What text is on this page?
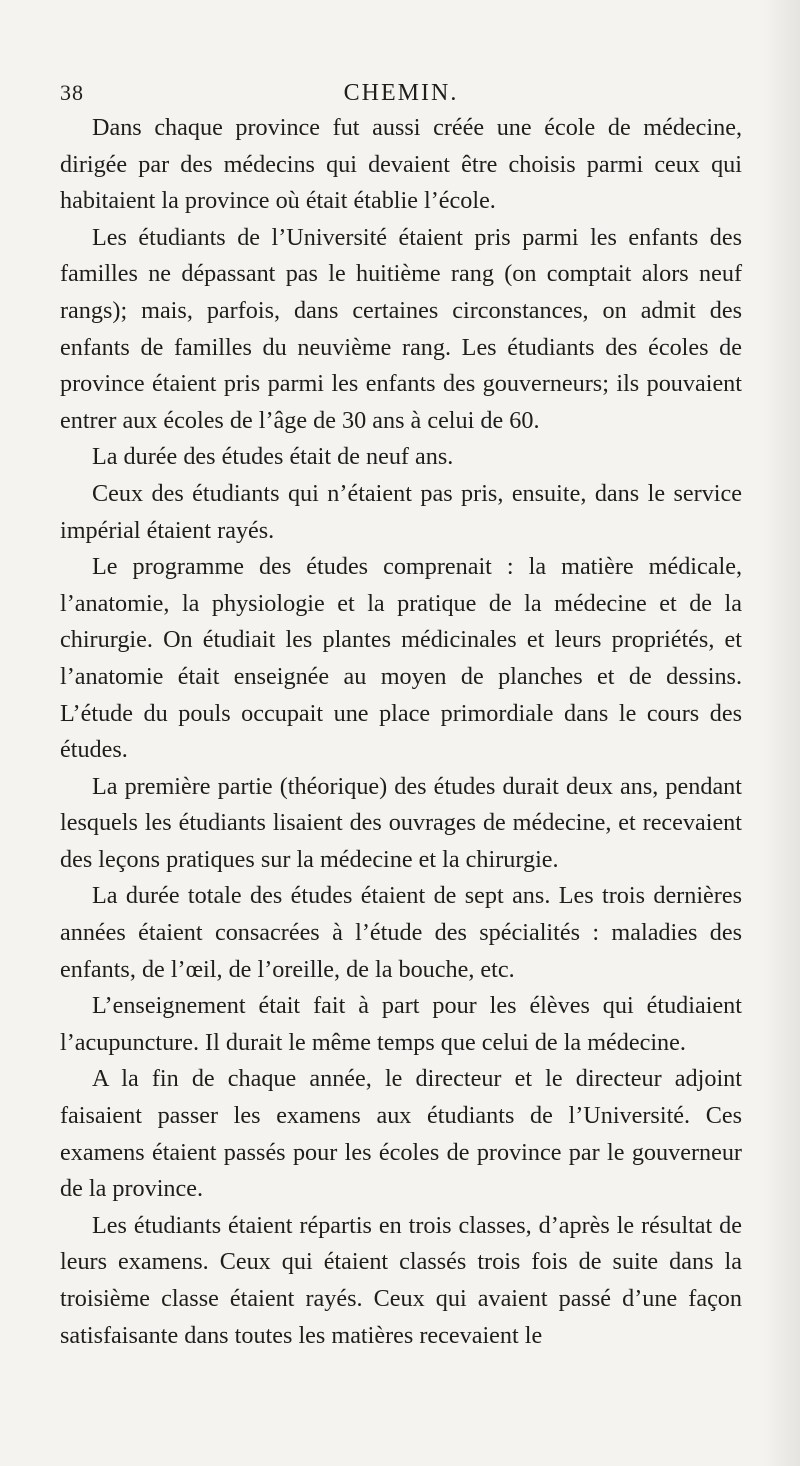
38	CHEMIN.

Dans chaque province fut aussi créée une école de médecine, dirigée par des médecins qui devaient être choisis parmi ceux qui habitaient la province où était établie l’école.

Les étudiants de l’Université étaient pris parmi les enfants des familles ne dépassant pas le huitième rang (on comptait alors neuf rangs); mais, parfois, dans certaines circonstances, on admit des enfants de familles du neuvième rang. Les étudiants des écoles de province étaient pris parmi les enfants des gouverneurs; ils pouvaient entrer aux écoles de l’âge de 30 ans à celui de 60.

La durée des études était de neuf ans.

Ceux des étudiants qui n’étaient pas pris, ensuite, dans le service impérial étaient rayés.

Le programme des études comprenait : la matière médicale, l’anatomie, la physiologie et la pratique de la médecine et de la chirurgie. On étudiait les plantes médicinales et leurs propriétés, et l’anatomie était enseignée au moyen de planches et de dessins. L’étude du pouls occupait une place primordiale dans le cours des études.

La première partie (théorique) des études durait deux ans, pendant lesquels les étudiants lisaient des ouvrages de médecine, et recevaient des leçons pratiques sur la médecine et la chirurgie.

La durée totale des études étaient de sept ans. Les trois dernières années étaient consacrées à l’étude des spécialités : maladies des enfants, de l’œil, de l’oreille, de la bouche, etc.

L’enseignement était fait à part pour les élèves qui étudiaient l’acupuncture. Il durait le même temps que celui de la médecine.

A la fin de chaque année, le directeur et le directeur adjoint faisaient passer les examens aux étudiants de l’Université. Ces examens étaient passés pour les écoles de province par le gouverneur de la province.

Les étudiants étaient répartis en trois classes, d’après le résultat de leurs examens. Ceux qui étaient classés trois fois de suite dans la troisième classe étaient rayés. Ceux qui avaient passé d’une façon satisfaisante dans toutes les matières recevaient le
